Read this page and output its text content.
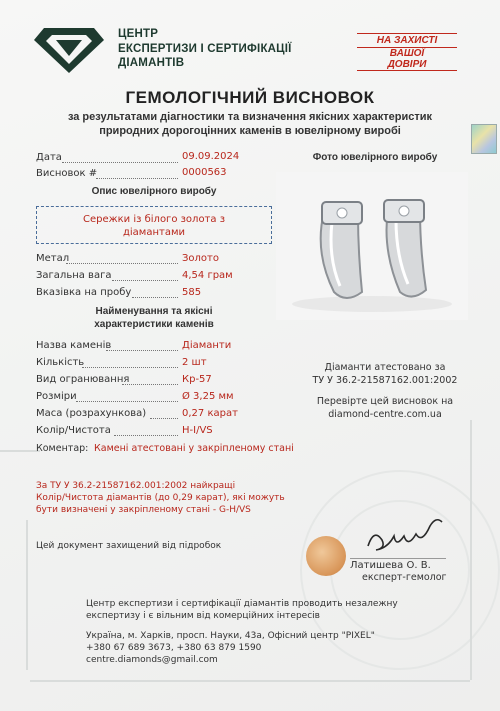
ЦЕНТР
ЕКСПЕРТИЗИ І СЕРТИФІКАЦІЇ
ДІАМАНТІВ
НА ЗАХИСТІ
ВАШОЇ
ДОВІРИ
ГЕМОЛОГІЧНИЙ ВИСНОВОК
за результатами діагностики та визначення якісних характеристик
природних дорогоцінних каменів в ювелірному виробі
Дата	09.09.2024
Висновок #	0000563
Опис ювелірного виробу
Фото ювелірного виробу
Сережки із білого золота з діамантами
Метал	Золото
Загальна вага	4,54 грам
Вказівка на пробу	585
Найменування та якісні
характеристики каменів
Назва каменів	Діаманти
Кількість	2 шт
Вид огранювання	Кр-57
Розміри	Ø 3,25 мм
Маса (розрахункова)	0,27 карат
Колір/Чистота	H-I/VS
Коментар: Камені атестовані у закріпленому стані
Діаманти атестовано за
ТУ У 36.2-21587162.001:2002
Перевірте цей висновок на
diamond-centre.com.ua
За ТУ У 36.2-21587162.001:2002 найкращі
Колір/Чистота діамантів (до 0,29 карат), які можуть
бути визначені у закріпленому стані - G-H/VS
Цей документ захищений від підробок
Латишева О. В.
експерт-гемолог
Центр експертизи і сертифікації діамантів проводить незалежну
експертизу і є вільним від комерційних інтересів
Україна, м. Харків, просп. Науки, 43а, Офісний центр "PIXEL"
+380 67 689 3673, +380 63 879 1590
centre.diamonds@gmail.com
